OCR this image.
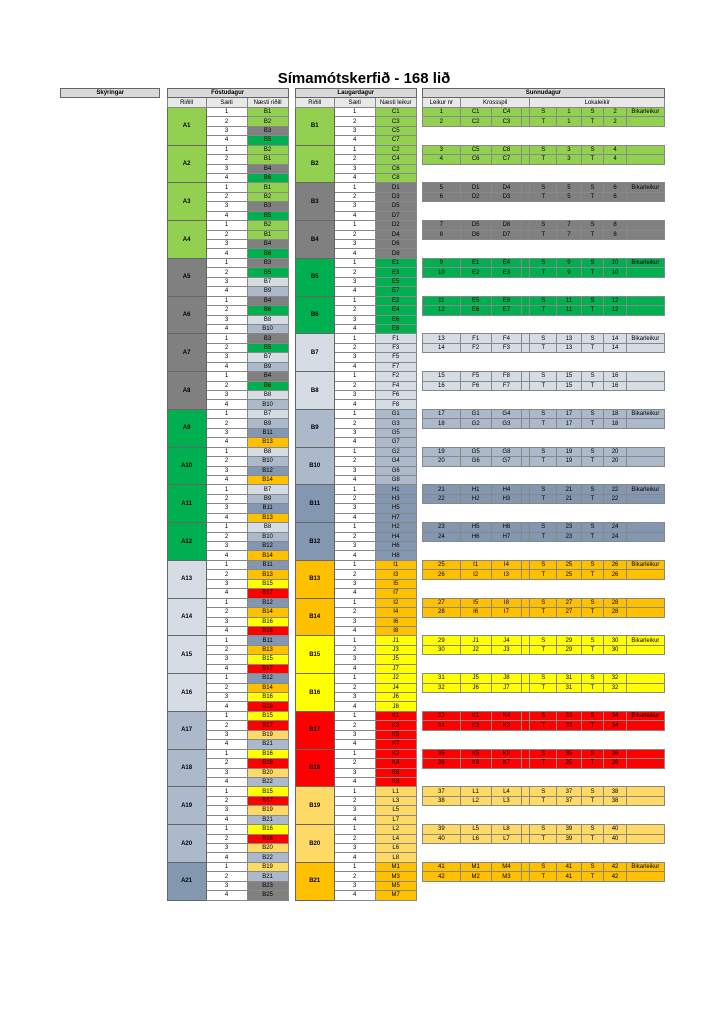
Símamótskerfið - 168 lið
Skýringar		Föstudagur				Laugardagur				Sunnudagur								
		Riðill	Sæti	Næsti riðill		Riðill	Sæti	Næsti leikur		Leikur nr	Krossspil			Lokaleikir				
		A1	1	B1		B1	1	C1		1	C1	C4		S	1	S	2	Bikarleikur
			2	B2			2	C3		2	C2	C3		T	1	T	2	
			3	B3			3	C5										
			4	B5			4	C7										
		A2	1	B2		B2	1	C2		3	C5	C8		S	3	S	4	
			2	B1			2	C4		4	C6	C7		T	3	T	4	
			3	B4			3	C6										
			4	B6			4	C8										
		A3	1	B1		B3	1	D1		5	D1	D4		S	5	S	6	Bikarleikur
			2	B2			2	D3		6	D2	D3		T	5	T	6	
			3	B3			3	D5										
			4	B5			4	D7										
		A4	1	B2		B4	1	D2		7	D5	D8		S	7	S	8	
			2	B1			2	D4		8	D6	D7		T	7	T	8	
			3	B4			3	D6										
			4	B6			4	D8										
		A5	1	B3		B5	1	E1		9	E1	E4		S	9	S	10	Bikarleikur
			2	B5			2	E3		10	E2	E3		T	9	T	10	
			3	B7			3	E5										
			4	B9			4	E7										
		A6	1	B4		B6	1	E2		11	E5	E8		S	11	S	12	
			2	B6			2	E4		12	E6	E7		T	11	T	12	
			3	B8			3	E6										
			4	B10			4	E8										
		A7	1	B3		B7	1	F1		13	F1	F4		S	13	S	14	Bikarleikur
			2	B5			2	F3		14	F2	F3		T	13	T	14	
			3	B7			3	F5										
			4	B9			4	F7										
		A8	1	B4		B8	1	F2		15	F5	F8		S	15	S	16	
			2	B6			2	F4		16	F6	F7		T	15	T	16	
			3	B8			3	F6										
			4	B10			4	F8										
		A9	1	B7		B9	1	G1		17	G1	G4		S	17	S	18	Bikarleikur
			2	B9			2	G3		18	G2	G3		T	17	T	18	
			3	B11			3	G5										
			4	B13			4	G7										
		A10	1	B8		B10	1	G2		19	G5	G8		S	19	S	20	
			2	B10			2	G4		20	G6	G7		T	19	T	20	
			3	B12			3	G6										
			4	B14			4	G8										
		A11	1	B7		B11	1	H1		21	H1	H4		S	21	S	22	Bikarleikur
			2	B9			2	H3		22	H2	H3		T	21	T	22	
			3	B11			3	H5										
			4	B13			4	H7										
		A12	1	B8		B12	1	H2		23	H5	H8		S	23	S	24	
			2	B10			2	H4		24	H6	H7		T	23	T	24	
			3	B12			3	H6										
			4	B14			4	H8										
		A13	1	B11		B13	1	I1		25	I1	I4		S	25	S	26	Bikarleikur
			2	B13			2	I3		26	I2	I3		T	25	T	26	
			3	B15			3	I5										
			4	B17			4	I7										
		A14	1	B12		B14	1	I2		27	I5	I8		S	27	S	28	
			2	B14			2	I4		28	I6	I7		T	27	T	28	
			3	B16			3	I6										
			4	B18			4	I8										
		A15	1	B11		B15	1	J1		29	J1	J4		S	29	S	30	Bikarleikur
			2	B13			2	J3		30	J2	J3		T	29	T	30	
			3	B15			3	J5										
			4	B17			4	J7										
		A16	1	B12		B16	1	J2		31	J5	J8		S	31	S	32	
			2	B14			2	J4		32	J6	J7		T	31	T	32	
			3	B16			3	J6										
			4	B18			4	J8										
		A17	1	B15		B17	1	K1		33	K1	K4		S	33	S	34	Bikarleikur
			2	B17			2	K3		34	K2	K3		T	33	T	34	
			3	B19			3	K5										
			4	B21			4	K7										
		A18	1	B16		B18	1	K2		35	K5	K8		S	35	S	36	
			2	B18			2	K4		36	K6	K7		T	35	T	36	
			3	B20			3	K6										
			4	B22			4	K8										
		A19	1	B15		B19	1	L1		37	L1	L4		S	37	S	38	
			2	B17			2	L3		38	L2	L3		T	37	T	38	
			3	B19			3	L5										
			4	B21			4	L7										
		A20	1	B16		B20	1	L2		39	L5	L8		S	39	S	40	
			2	B18			2	L4		40	L6	L7		T	39	T	40	
			3	B20			3	L6										
			4	B22			4	L8										
		A21	1	B19		B21	1	M1		41	M1	M4		S	41	S	42	Bikarleikur
			2	B21			2	M3		42	M2	M3		T	41	T	42	
			3	B23			3	M5										
			4	B25			4	M7										
